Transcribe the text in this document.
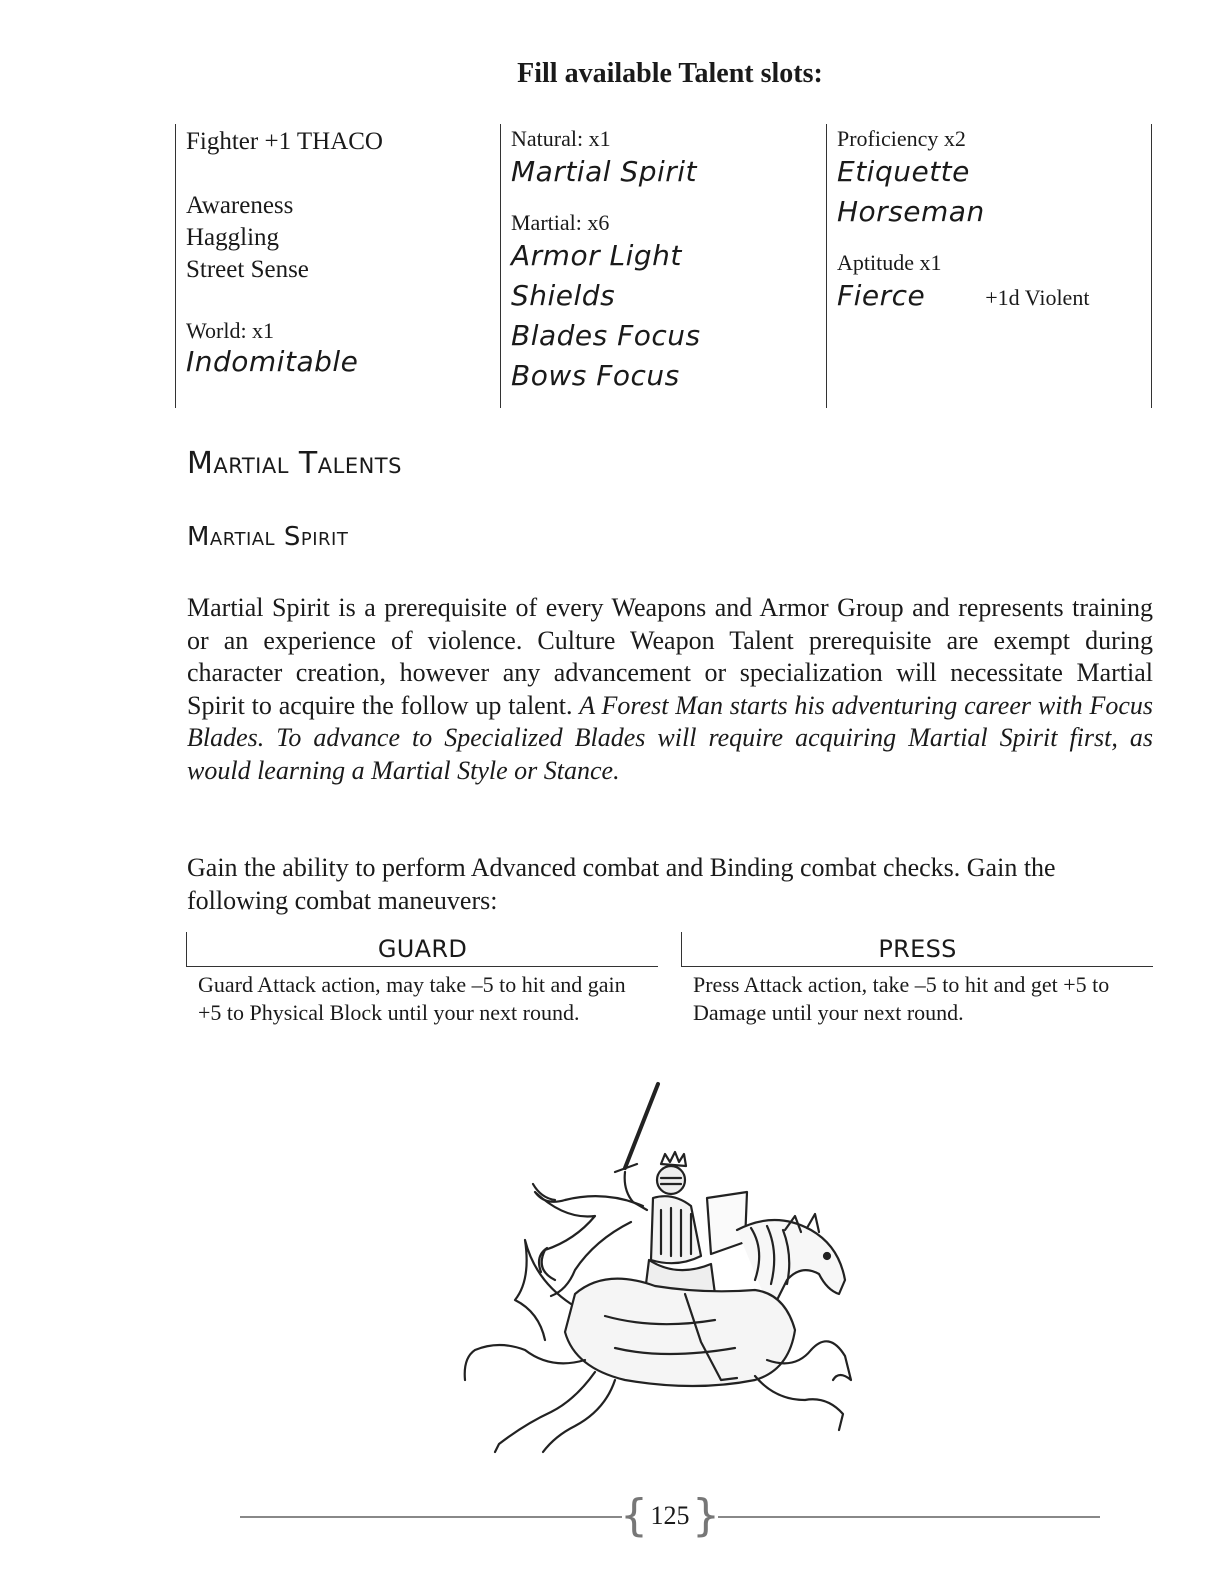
Fill available Talent slots:
Fighter +1 THACO
Awareness
Haggling
Street Sense
World: x1
Indomitable
Natural: x1
Martial Spirit
Martial: x6
Armor Light
Shields
Blades Focus
Bows Focus
Proficiency x2
Etiquette
Horseman
Aptitude x1
Fierce	+1d Violent
Martial Talents
Martial Spirit
Martial Spirit is a prerequisite of every Weapons and Armor Group and represents training or an experience of violence. Culture Weapon Talent prerequisite are exempt during character creation, however any advancement or specialization will necessitate Martial Spirit to acquire the follow up talent. A Forest Man starts his adventuring career with Focus Blades. To advance to Specialized Blades will require acquiring Martial Spirit first, as would learning a Martial Style or Stance.
Gain the ability to perform Advanced combat and Binding combat checks. Gain the following combat maneuvers:
GUARD
Guard Attack action, may take –5 to hit and gain +5 to Physical Block until your next round.
PRESS
Press Attack action, take –5 to hit and get +5 to Damage until your next round.
{ 125 }
